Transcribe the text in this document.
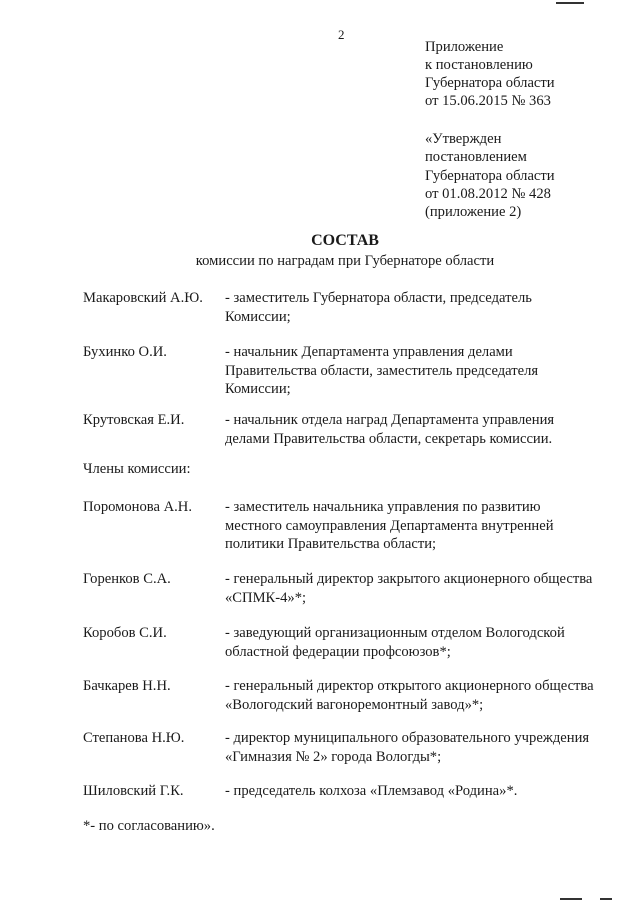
2
Приложение
к постановлению
Губернатора области
от 15.06.2015 № 363
«Утвержден
постановлением
Губернатора области
от 01.08.2012 № 428
(приложение 2)
СОСТАВ
комиссии по наградам при Губернаторе области
Макаровский А.Ю. - заместитель Губернатора области, председатель
Комиссии;
Бухинко О.И.	- начальник Департамента управления делами
Правительства области, заместитель председателя
Комиссии;
Крутовская Е.И.	- начальник отдела наград Департамента управления
делами Правительства области, секретарь комиссии.
Члены комиссии:
Поромонова А.Н. - заместитель начальника управления по развитию
местного самоуправления Департамента внутренней
политики Правительства области;
Горенков С.А.	- генеральный директор закрытого акционерного общества
«СПМК-4»*;
Коробов С.И.	- заведующий организационным отделом Вологодской
областной федерации профсоюзов*;
Бачкарев Н.Н.	- генеральный директор открытого акционерного общества
«Вологодский вагоноремонтный завод»*;
Степанова Н.Ю.	- директор муниципального образовательного учреждения
«Гимназия № 2» города Вологды*;
Шиловский Г.К.	- председатель колхоза «Племзавод «Родина»*.
*- по согласованию».
